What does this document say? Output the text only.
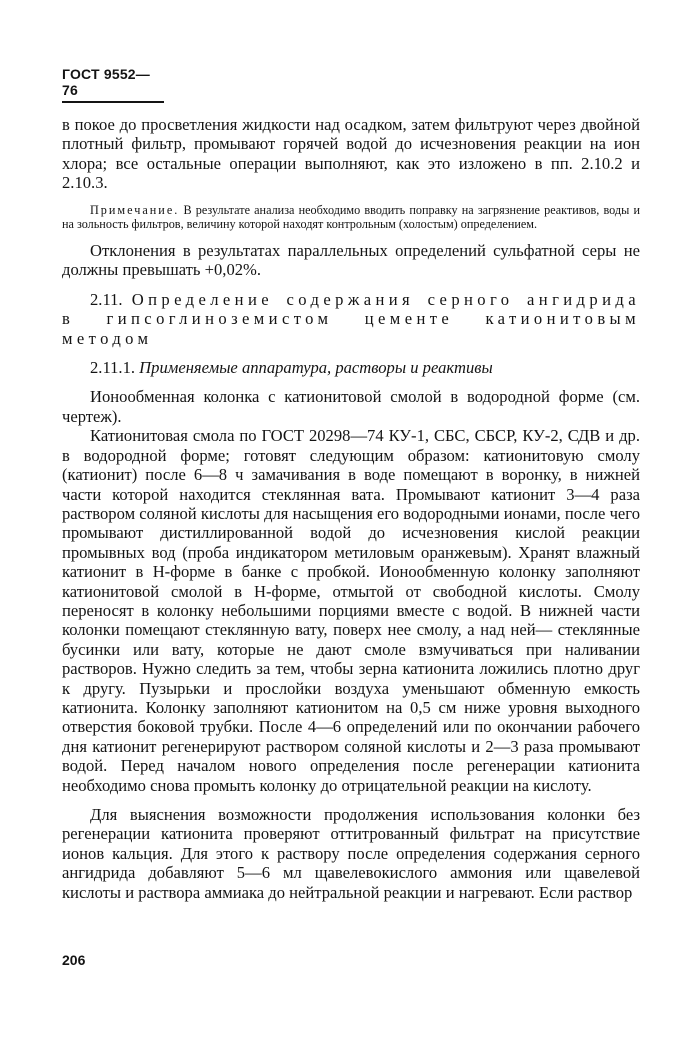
ГОСТ 9552—76

в покое до просветления жидкости над осадком, затем фильтруют через двойной плотный фильтр, промывают горячей водой до исчезновения реакции на ион хлора; все остальные операции выполняют, как это изложено в пп. 2.10.2 и 2.10.3.

Примечание. В результате анализа необходимо вводить поправку на загрязнение реактивов, воды и на зольность фильтров, величину которой находят контрольным (холостым) определением.

Отклонения в результатах параллельных определений сульфатной серы не должны превышать +0,02%.

2.11. Определение содержания серного ангидрида в гипсоглиноземистом цементе катионитовым методом

2.11.1. Применяемые аппаратура, растворы и реактивы

Ионообменная колонка с катионитовой смолой в водородной форме (см. чертеж).

Катионитовая смола по ГОСТ 20298—74 КУ-1, СБС, СБСР, КУ-2, СДВ и др. в водородной форме; готовят следующим образом: катионитовую смолу (катионит) после 6—8 ч замачивания в воде помещают в воронку, в нижней части которой находится стеклянная вата. Промывают катионит 3—4 раза раствором соляной кислоты для насыщения его водородными ионами, после чего промывают дистиллированной водой до исчезновения кислой реакции промывных вод (проба индикатором метиловым оранжевым). Хранят влажный катионит в Н-форме в банке с пробкой. Ионообменную колонку заполняют катионитовой смолой в Н-форме, отмытой от свободной кислоты. Смолу переносят в колонку небольшими порциями вместе с водой. В нижней части колонки помещают стеклянную вату, поверх нее смолу, а над ней— стеклянные бусинки или вату, которые не дают смоле взмучиваться при наливании растворов. Нужно следить за тем, чтобы зерна катионита ложились плотно друг к другу. Пузырьки и прослойки воздуха уменьшают обменную емкость катионита. Колонку заполняют катионитом на 0,5 см ниже уровня выходного отверстия боковой трубки. После 4—6 определений или по окончании рабочего дня катионит регенерируют раствором соляной кислоты и 2—3 раза промывают водой. Перед началом нового определения после регенерации катионита необходимо снова промыть колонку до отрицательной реакции на кислоту.

Для выяснения возможности продолжения использования колонки без регенерации катионита проверяют оттитрованный фильтрат на присутствие ионов кальция. Для этого к раствору после определения содержания серного ангидрида добавляют 5—6 мл щавелевокислого аммония или щавелевой кислоты и раствора аммиака до нейтральной реакции и нагревают. Если раствор

206
